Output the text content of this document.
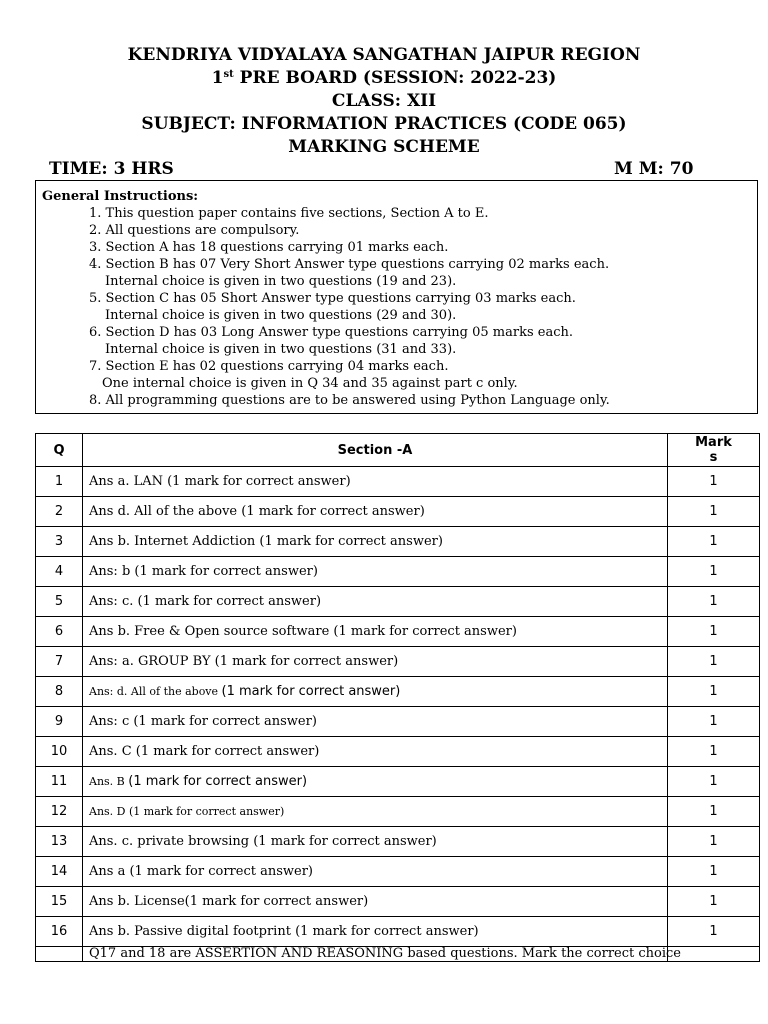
KENDRIYA VIDYALAYA SANGATHAN JAIPUR REGION
1st PRE BOARD (SESSION: 2022-23)
CLASS: XII
SUBJECT: INFORMATION PRACTICES (CODE 065)
MARKING SCHEME
TIME: 3 HRS	M M: 70
General Instructions:
1. This question paper contains five sections, Section A to E.
2. All questions are compulsory.
3. Section A has 18 questions carrying 01 marks each.
4. Section B has 07 Very Short Answer type questions carrying 02 marks each.
Internal choice is given in two questions (19 and 23).
5. Section C has 05 Short Answer type questions carrying 03 marks each.
Internal choice is given in two questions (29 and 30).
6. Section D has 03 Long Answer type questions carrying 05 marks each.
Internal choice is given in two questions (31 and 33).
7. Section E has 02 questions carrying 04 marks each.
One internal choice is given in Q 34 and 35 against part c only.
8. All programming questions are to be answered using Python Language only.
Q	Section -A	Mark
s
1	Ans a. LAN (1 mark for correct answer)	1
2	Ans d. All of the above (1 mark for correct answer)	1
3	Ans b. Internet Addiction (1 mark for correct answer)	1
4	Ans: b (1 mark for correct answer)	1
5	Ans: c. (1 mark for correct answer)	1
6	Ans b. Free & Open source software (1 mark for correct answer)	1
7	Ans: a. GROUP BY (1 mark for correct answer)	1
8	Ans: d. All of the above (1 mark for correct answer)	1
9	Ans: c (1 mark for correct answer)	1
10	Ans. C (1 mark for correct answer)	1
11	Ans. B (1 mark for correct answer)	1
12	Ans. D (1 mark for correct answer)	1
13	Ans. c. private browsing (1 mark for correct answer)	1
14	Ans a (1 mark for correct answer)	1
15	Ans b. License(1 mark for correct answer)	1
16	Ans b. Passive digital footprint (1 mark for correct answer)	1
	Q17 and 18 are ASSERTION AND REASONING based questions. Mark the correct choice	
